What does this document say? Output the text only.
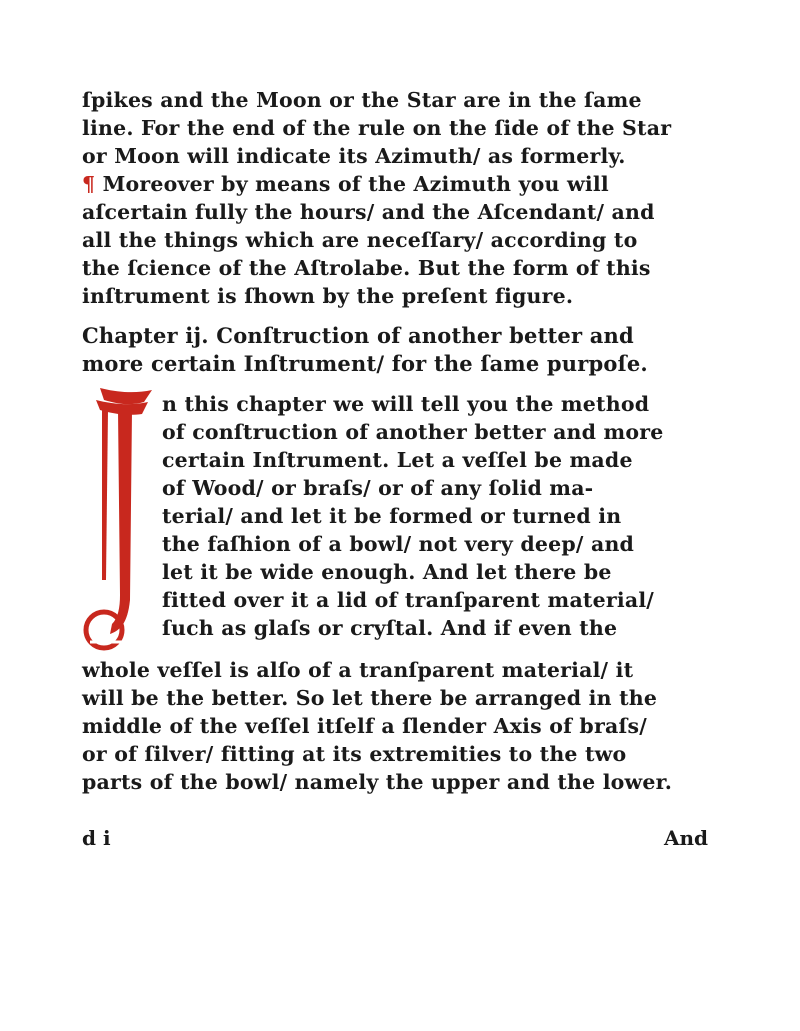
ſpikes and the Moon or the Star are in the ſame
line. For the end of the rule on the ſide of the Star
or Moon will indicate its Azimuth/ as formerly.
¶ Moreover by means of the Azimuth you will
aſcertain fully the hours/ and the Aſcendant/ and
all the things which are neceſſary/ according to
the ſcience of the Aſtrolabe. But the form of this
inſtrument is ſhown by the preſent figure.
Chapter ij. Conſtruction of another better and
more certain Inſtrument/ for the ſame purpoſe.
n this chapter we will tell you the method
of conſtruction of another better and more
certain Inſtrument. Let a veſſel be made
of Wood/ or braſs/ or of any ſolid ma‑
terial/ and let it be formed or turned in
the faſhion of a bowl/ not very deep/ and
let it be wide enough. And let there be
fitted over it a lid of tranſparent material/
ſuch as glaſs or cryſtal. And if even the
whole veſſel is alſo of a tranſparent material/ it
will be the better. So let there be arranged in the
middle of the veſſel itſelf a ſlender Axis of braſs/
or of ſilver/ fitting at its extremities to the two
parts of the bowl/ namely the upper and the lower.
d i	And
